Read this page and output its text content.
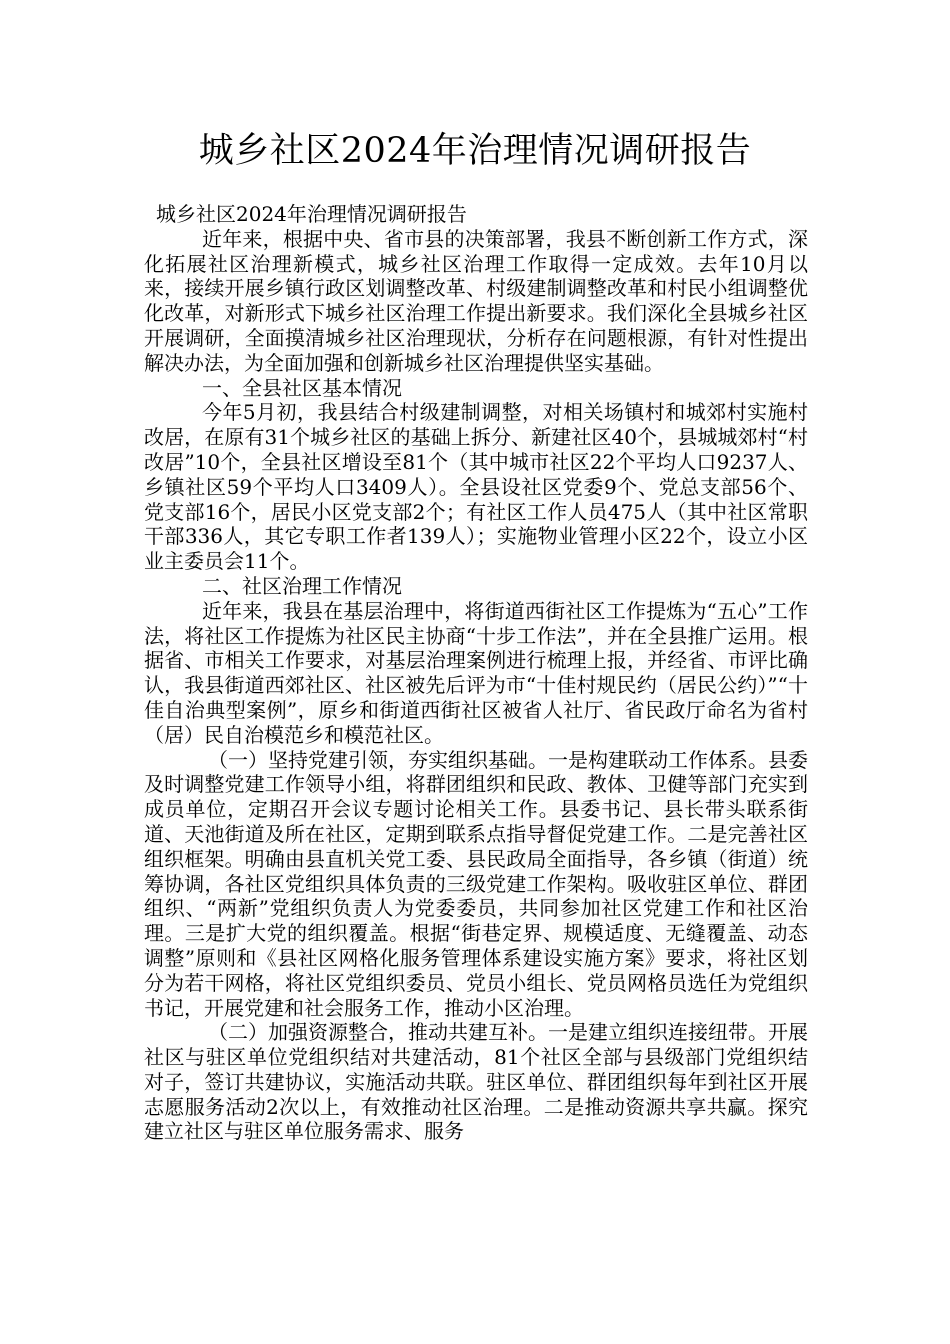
城乡社区2024年治理情况调研报告

城乡社区2024年治理情况调研报告

近年来，根据中央、省市县的决策部署，我县不断创新工作方式，深化拓展社区治理新模式，城乡社区治理工作取得一定成效。去年10月以来，接续开展乡镇行政区划调整改革、村级建制调整改革和村民小组调整优化改革，对新形式下城乡社区治理工作提出新要求。我们深化全县城乡社区开展调研，全面摸清城乡社区治理现状，分析存在问题根源，有针对性提出解决办法，为全面加强和创新城乡社区治理提供坚实基础。

一、全县社区基本情况

今年5月初，我县结合村级建制调整，对相关场镇村和城郊村实施村改居，在原有31个城乡社区的基础上拆分、新建社区40个，县城城郊村“村改居”10个，全县社区增设至81个（其中城市社区22个平均人口9237人、乡镇社区59个平均人口3409人）。全县设社区党委9个、党总支部56个、党支部16个，居民小区党支部2个；有社区工作人员475人（其中社区常职干部336人，其它专职工作者139人）；实施物业管理小区22个，设立小区业主委员会11个。

二、社区治理工作情况

近年来，我县在基层治理中，将街道西街社区工作提炼为“五心”工作法，将社区工作提炼为社区民主协商“十步工作法”，并在全县推广运用。根据省、市相关工作要求，对基层治理案例进行梳理上报，并经省、市评比确认，我县街道西郊社区、社区被先后评为市“十佳村规民约（居民公约）”“十佳自治典型案例”，原乡和街道西街社区被省人社厅、省民政厅命名为省村（居）民自治模范乡和模范社区。

（一）坚持党建引领，夯实组织基础。一是构建联动工作体系。县委及时调整党建工作领导小组，将群团组织和民政、教体、卫健等部门充实到成员单位，定期召开会议专题讨论相关工作。县委书记、县长带头联系街道、天池街道及所在社区，定期到联系点指导督促党建工作。二是完善社区组织框架。明确由县直机关党工委、县民政局全面指导，各乡镇（街道）统筹协调，各社区党组织具体负责的三级党建工作架构。吸收驻区单位、群团组织、“两新”党组织负责人为党委委员，共同参加社区党建工作和社区治理。三是扩大党的组织覆盖。根据“街巷定界、规模适度、无缝覆盖、动态调整”原则和《县社区网格化服务管理体系建设实施方案》要求，将社区划分为若干网格，将社区党组织委员、党员小组长、党员网格员选任为党组织书记，开展党建和社会服务工作，推动小区治理。

（二）加强资源整合，推动共建互补。一是建立组织连接纽带。开展社区与驻区单位党组织结对共建活动，81个社区全部与县级部门党组织结对子，签订共建协议，实施活动共联。驻区单位、群团组织每年到社区开展志愿服务活动2次以上，有效推动社区治理。二是推动资源共享共赢。探究建立社区与驻区单位服务需求、服务
